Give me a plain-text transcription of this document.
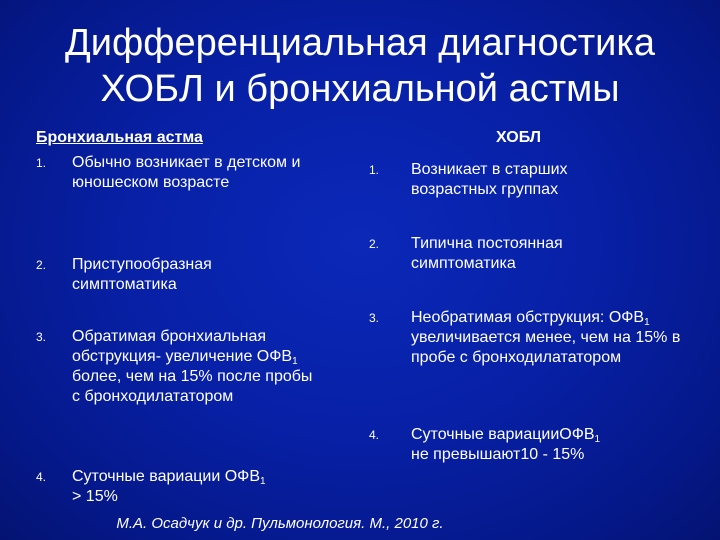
Дифференциальная диагностика
ХОБЛ и бронхиальной астмы
Бронхиальная астма	ХОБЛ
1. Обычно возникает в детском и юношеском возрасте
2. Приступообразная симптоматика
3. Обратимая бронхиальная обструкция- увеличение $ОФВ_1$ более, чем на 15% после пробы с бронходилататором
4. Суточные вариации $ОФВ_1$
> 15%
1. Возникает в старших возрастных группах
2. Типична постоянная симптоматика
3. Необратимая обструкция: $ОФВ_1$ увеличивается менее, чем на 15% в пробе с бронходилататором
4. Суточные вариацииОФВ$_1$
не превышают10 - 15%
М.А. Осадчук и др. Пульмонология. М., 2010 г.
